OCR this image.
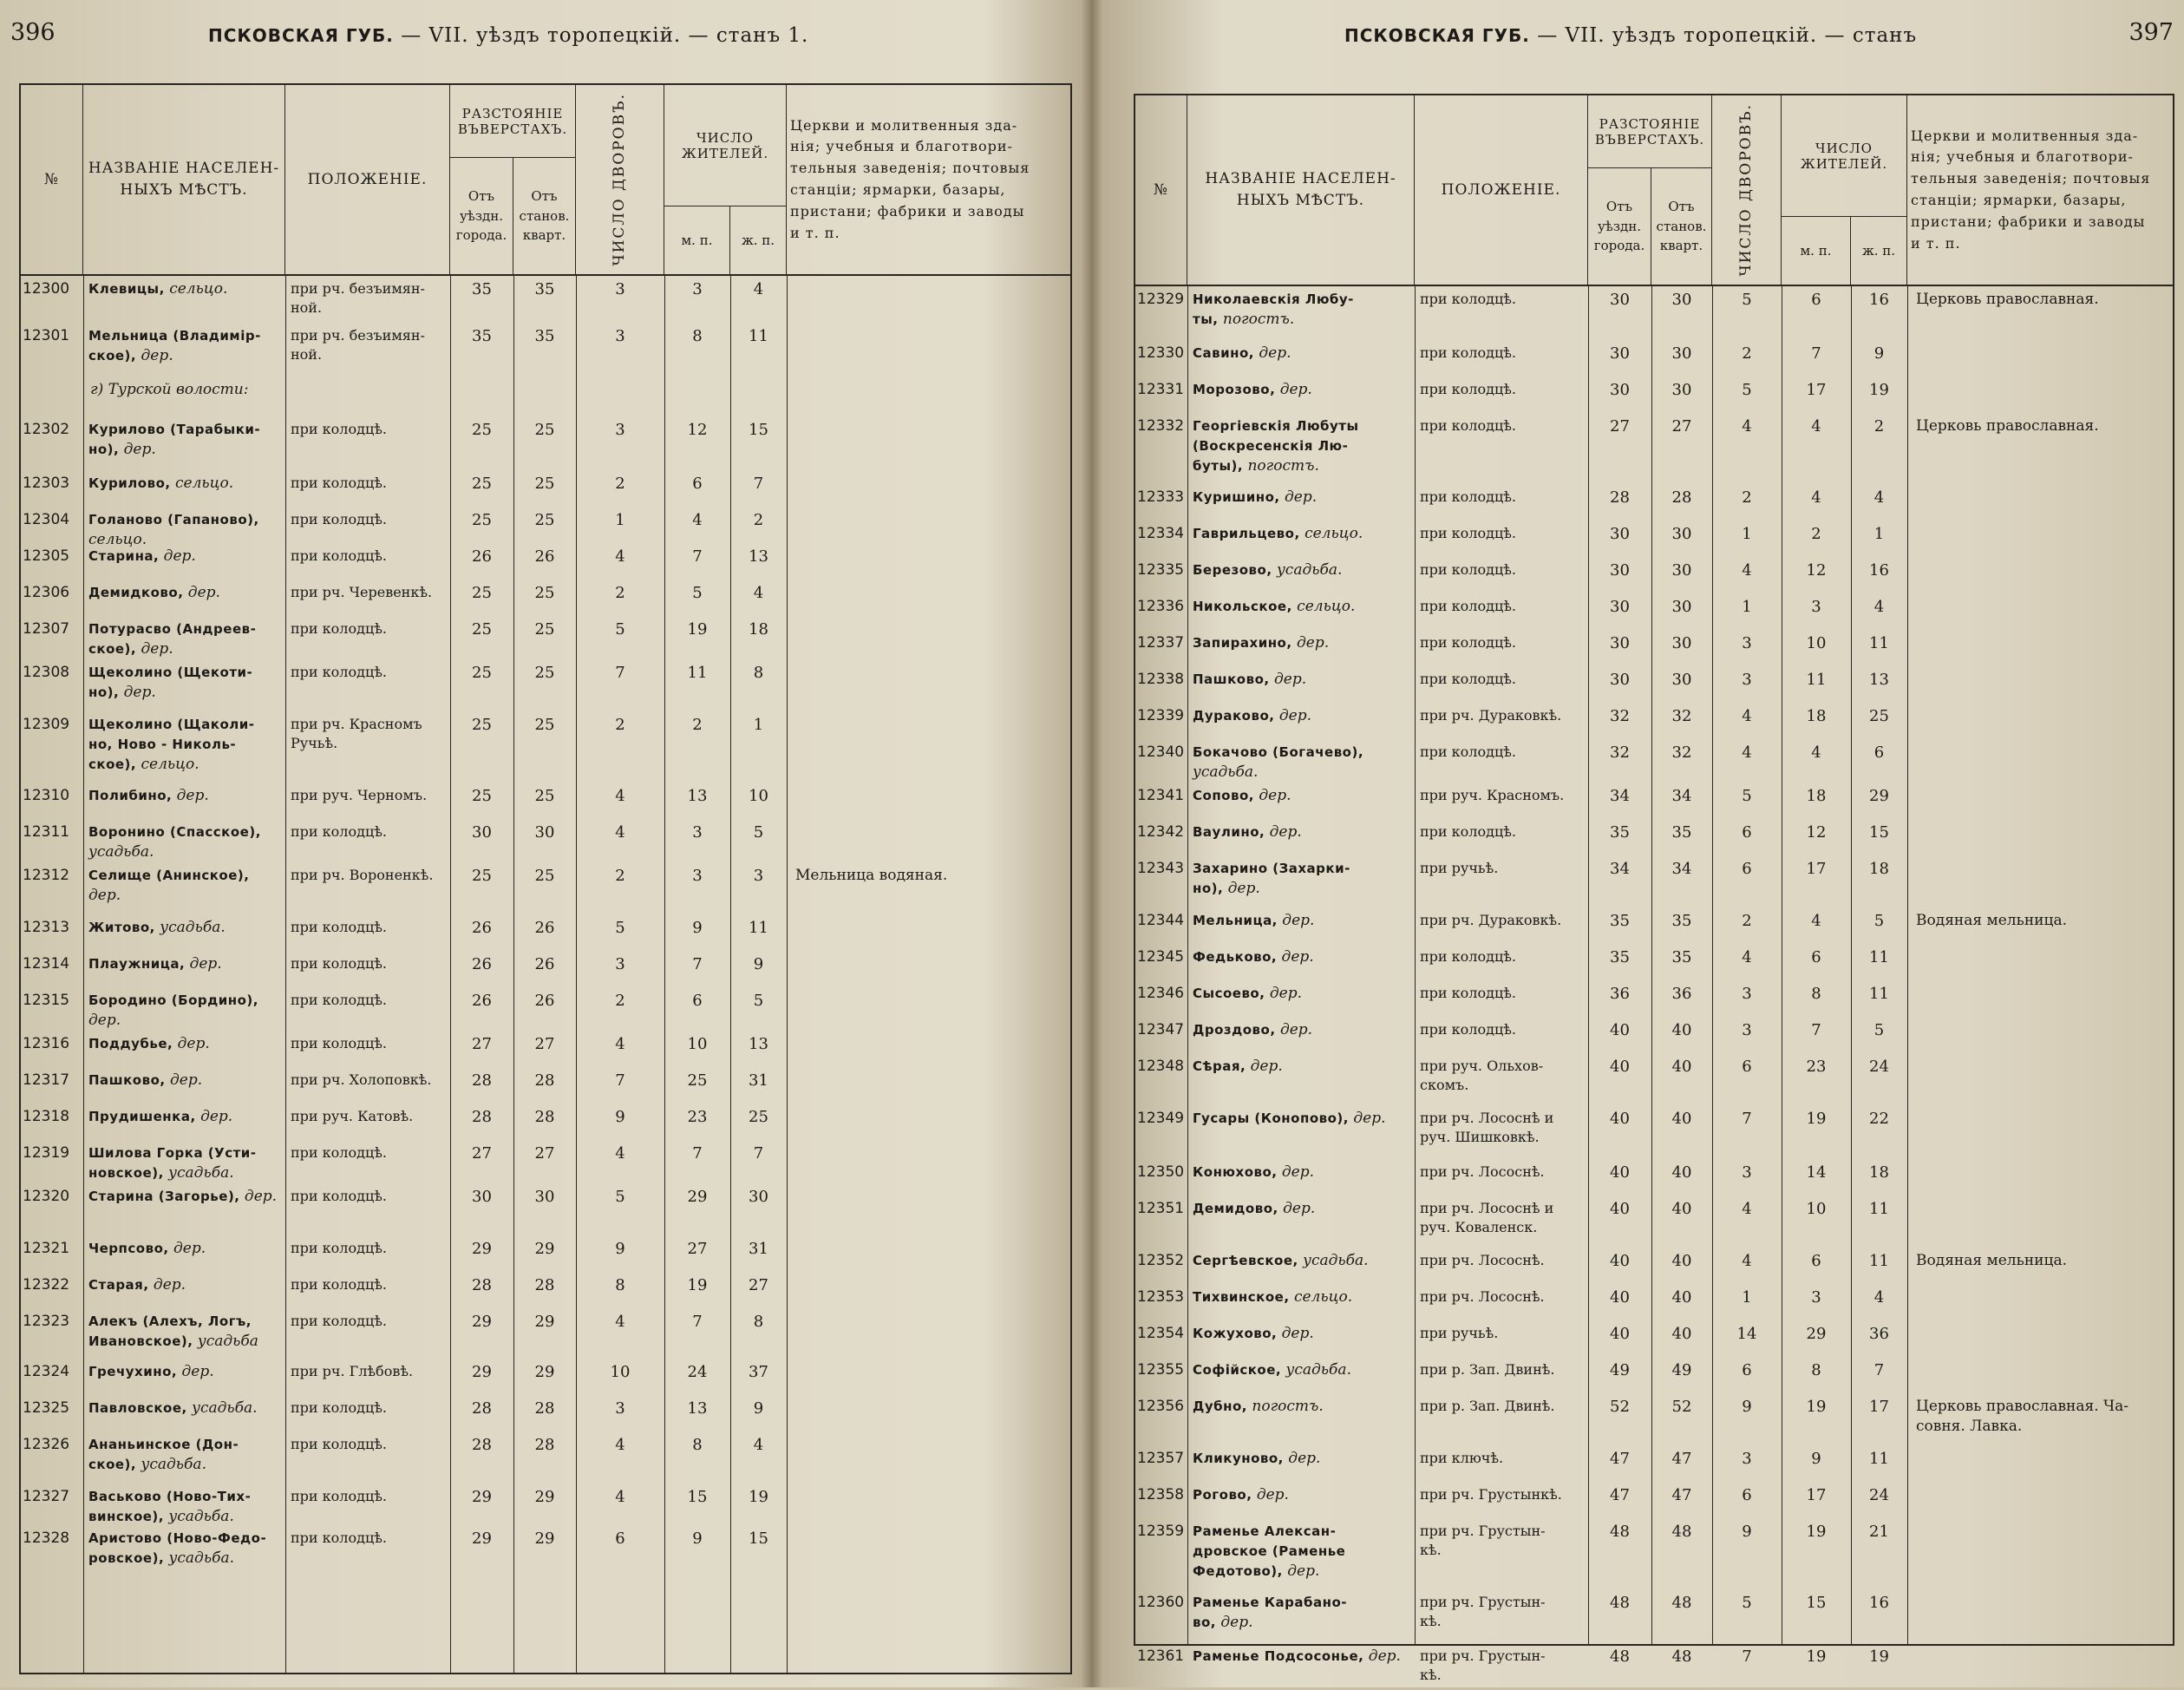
396	ПСКОВСКАЯ ГУБ. — VII. уѣздъ торопецкій. — станъ 1.
№
НАЗВАНІЕ НАСЕЛЕН-
НЫХЪ МѢСТЪ.
ПОЛОЖЕНІЕ.
РАЗСТОЯНІЕ
ВЪВЕРСТАХЪ.
Отъ
уѣздн.
города.
Отъ
станов.
кварт.	ЧИСЛО ДВОРОВЪ.	ЧИСЛО
ЖИТЕЛЕЙ.
м. п.	ж. п.
Церкви и молитвенныя зда-
нія; учебныя и благотвори-
тельныя заведенія; почтовыя
станціи; ярмарки, базары,
пристани; фабрики и заводы
и т. п.
12300	Клевицы, сельцо.	при рч. безъимян-
ной.
35	35	3	3	4
12301	Мельница (Владимір-
ское), дер.
при рч. безъимян-
ной.
35	35	3	8	11
г) Турской волости:
12302	Курилово (Тарабыки-
но), дер.
при колодцѣ.	25	25	3	12	15
12303	Курилово, сельцо.	при колодцѣ.	25	25	2	6	7
12304	Голаново (Гапаново), сельцо.
при колодцѣ.	25	25	1	4	2
12305	Старина, дер.	при колодцѣ.	26	26	4	7	13
12306	Демидково, дер.	при рч. Черевенкѣ.	25	25	2	5	4
12307	Потурасво (Андреев-
ское), дер.
при колодцѣ.	25	25	5	19	18
12308	Щеколино (Щекоти-
но), дер.
при колодцѣ.	25	25	7	11	8
12309	Щеколино (Щаколи-
но, Ново - Николь-
ское), сельцо.
при рч. Красномъ
Ручьѣ.
25	25	2	2	1
12310	Полибино, дер.	при руч. Черномъ.	25	25	4	13	10
12311	Воронино (Спасское), усадьба.
при колодцѣ.	30	30	4	3	5
12312	Селище (Анинское), дер.
при рч. Вороненкѣ.	25	25	2	3	3	Мельница водяная.
12313	Житово, усадьба.	при колодцѣ.	26	26	5	9	11
12314	Плаужница, дер.	при колодцѣ.	26	26	3	7	9
12315	Бородино (Бордино), дер.
при колодцѣ.	26	26	2	6	5
12316	Поддубье, дер.	при колодцѣ.	27	27	4	10	13
12317	Пашково, дер.	при рч. Холоповкѣ.	28	28	7	25	31
12318	Прудишенка, дер.	при руч. Катовѣ.	28	28	9	23	25
12319	Шилова Горка (Усти-
новское), усадьба.
при колодцѣ.	27	27	4	7	7
12320	Старина (Загорье), дер. при колодцѣ.	30	30	5	29	30
12321	Черпсово, дер.	при колодцѣ.	29	29	9	27	31
12322	Старая, дер.	при колодцѣ.	28	28	8	19	27
12323	Алекъ (Алехъ, Логъ,
Ивановское), усадьба
при колодцѣ.	29	29	4	7	8
12324	Гречухино, дер.	при рч. Глѣбовѣ.	29	29	10	24	37
12325	Павловское, усадьба.	при колодцѣ.	28	28	3	13	9
12326	Ананьинское (Дон-
ское), усадьба.
при колодцѣ.	28	28	4	8	4
12327	Васьково (Ново-Тих-
винское), усадьба.
при колодцѣ.	29	29	4	15	19
12328	Аристово (Ново-Федо-
ровское), усадьба.
при колодцѣ.	29	29	6	9	15
397
ПСКОВСКАЯ ГУБ. — VII. уѣздъ торопецкій. — станъ
№
НАЗВАНІЕ НАСЕЛЕН-
НЫХЪ МѢСТЪ.
ПОЛОЖЕНІЕ.
РАЗСТОЯНІЕ
ВЪВЕРСТАХЪ.
Отъ
уѣздн.
города.
Отъ
станов.
кварт.	ЧИСЛО ДВОРОВЪ.	ЧИСЛО
ЖИТЕЛЕЙ.
м. п.	ж. п.
Церкви и молитвенныя зда-
нія; учебныя и благотвори-
тельныя заведенія; почтовыя
станціи; ярмарки, базары,
пристани; фабрики и заводы
и т. п.
12329 Николаевскія Любу-
ты, погостъ.
при колодцѣ.	30	30	5	6	16	Церковь православная.
12330 Савино, дер.	при колодцѣ.	30	30	2	7	9
12331 Морозово, дер.	при колодцѣ.	30	30	5	17	19
12332 Георгіевскія Любуты
(Воскресенскія Лю-
буты), погостъ.
при колодцѣ.	27	27	4	4	2	Церковь православная.
12333 Куришино, дер.	при колодцѣ.	28	28	2	4	4
12334 Гаврильцево, сельцо.	при колодцѣ.	30	30	1	2	1
12335 Березово, усадьба.	при колодцѣ.	30	30	4	12	16
12336 Никольское, сельцо.	при колодцѣ.	30	30	1	3	4
12337 Запирахино, дер.	при колодцѣ.	30	30	3	10	11
12338 Пашково, дер.	при колодцѣ.	30	30	3	11	13
12339 Дураково, дер.	при рч. Дураковкѣ.	32	32	4	18	25
12340 Бокачово (Богачево), усадьба.
при колодцѣ.	32	32	4	4	6
12341 Сопово, дер.	при руч. Красномъ.	34	34	5	18	29
12342 Ваулино, дер.	при колодцѣ.	35	35	6	12	15
12343 Захарино (Захарки-
но), дер.
при ручьѣ.	34	34	6	17	18
12344 Мельница, дер.	при рч. Дураковкѣ.	35	35	2	4	5	Водяная мельница.
12345 Федьково, дер.	при колодцѣ.	35	35	4	6	11
12346 Сысоево, дер.	при колодцѣ.	36	36	3	8	11
12347 Дроздово, дер.	при колодцѣ.	40	40	3	7	5
12348 Сѣрая, дер.	при руч. Ольхов-
скомъ.
40	40	6	23	24
12349 Гусары (Конопово), дер.	при рч. Лососнѣ и
руч. Шишковкѣ.
40	40	7	19	22
12350 Конюхово, дер.	при рч. Лососнѣ.	40	40	3	14	18
12351 Демидово, дер.	при рч. Лососнѣ и
руч. Коваленск.
40	40	4	10	11
12352 Сергѣевское, усадьба.	при рч. Лососнѣ.	40	40	4	6	11	Водяная мельница.
12353 Тихвинское, сельцо.	при рч. Лососнѣ.	40	40	1	3	4
12354 Кожухово, дер.	при ручьѣ.	40	40	14	29	36
12355 Софійское, усадьба.	при р. Зап. Двинѣ.	49	49	6	8	7
12356 Дубно, погостъ.	при р. Зап. Двинѣ.	52	52	9	19	17	Церковь православная. Ча-
совня. Лавка.
12357 Кликуново, дер.	при ключѣ.	47	47	3	9	11
12358 Рогово, дер.	при рч. Грустынкѣ.	47	47	6	17	24
12359 Раменье Алексан-
дровское (Раменье
Федотово), дер.
при рч. Грустын-
кѣ.
48	48	9	19	21
12360 Раменье Карабано-
во, дер.
при рч. Грустын-
кѣ.
48	48	5	15	16
12361 Раменье Подсосонье, дер.	при рч. Грустын-
кѣ.
48	48	7	19	19
